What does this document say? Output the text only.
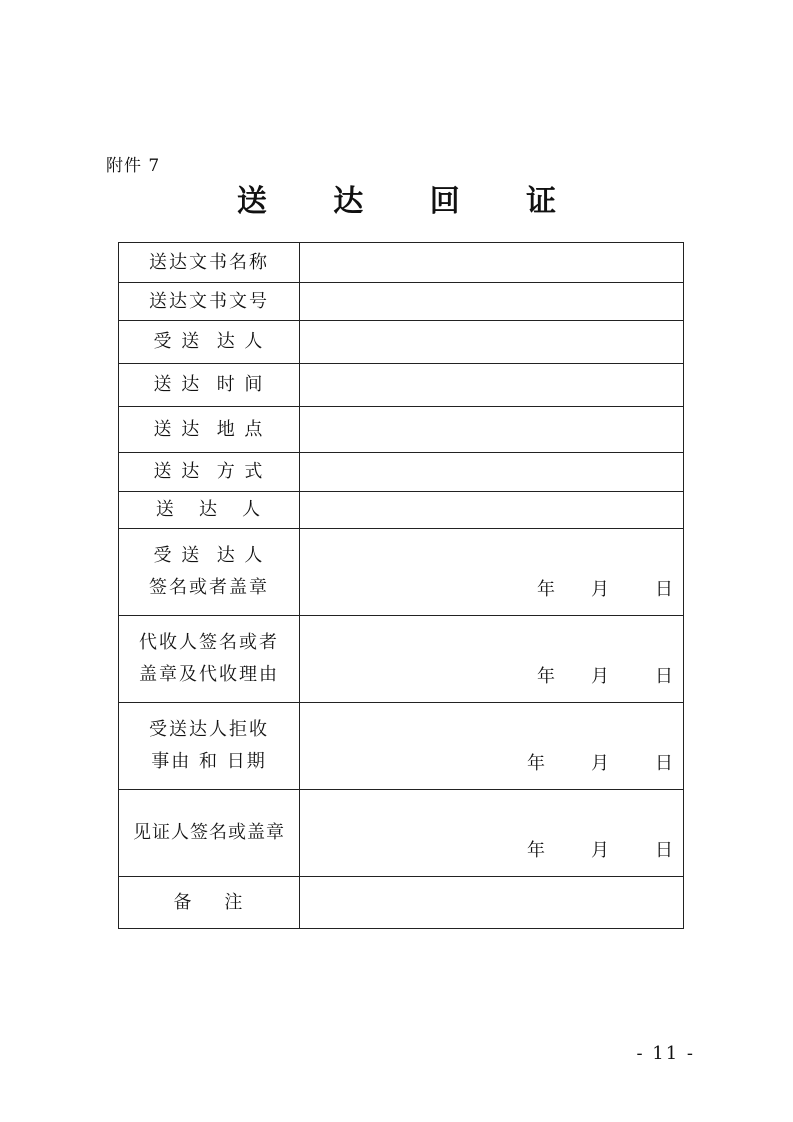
附件 7
送 达 回 证
送达文书名称	
送达文书文号	
受 送  达 人	
送 达  时 间	
送 达  地 点	
送 达  方 式	
送   达   人	

受 送  达 人
签名或者盖章	年 月 日

代收人签名或者
盖章及代收理由	年 月 日

受送达人拒收
事由 和 日期	年 月 日

见证人签名或盖章	年 月 日

备    注	
- 11 -
